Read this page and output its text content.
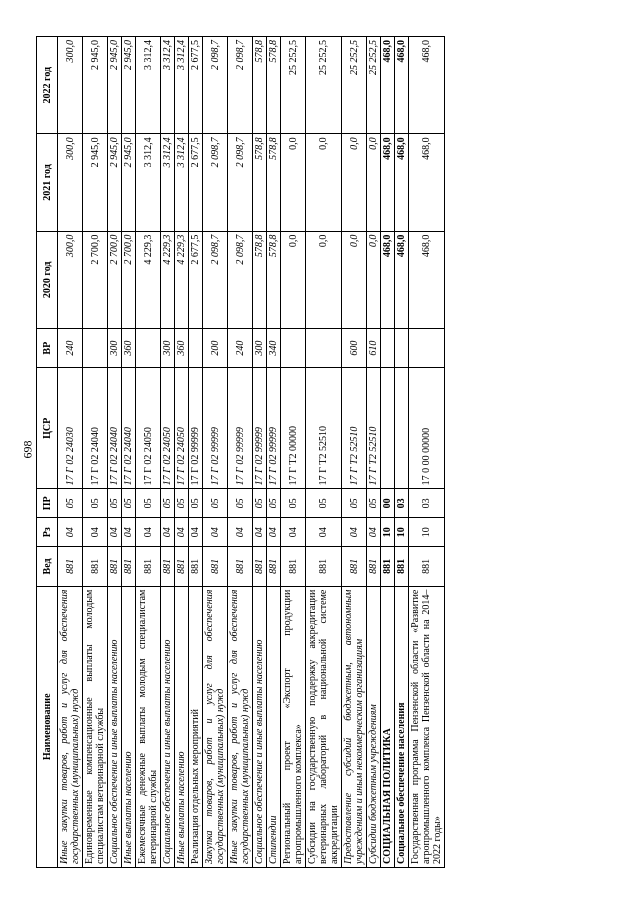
698
Наименование	Вед	Рз	ПР	ЦСР	ВР	2020 год	2021 год	2022 год
Иные закупки товаров, работ и услуг для обеспечения государственных (муниципальных) нужд	881	04	05	17 Г 02 24030	240	300,0	300,0	300,0
Единовременные компенсационные выплаты молодым специалистам ветеринарной службы	881	04	05	17 Г 02 24040		2 700,0	2 945,0	2 945,0
Социальное обеспечение и иные выплаты населению	881	04	05	17 Г 02 24040	300	2 700,0	2 945,0	2 945,0
Иные выплаты населению	881	04	05	17 Г 02 24040	360	2 700,0	2 945,0	2 945,0
Ежемесячные денежные выплаты молодым специалистам ветеринарной службы	881	04	05	17 Г 02 24050		4 229,3	3 312,4	3 312,4
Социальное обеспечение и иные выплаты населению	881	04	05	17 Г 02 24050	300	4 229,3	3 312,4	3 312,4
Иные выплаты населению	881	04	05	17 Г 02 24050	360	4 229,3	3 312,4	3 312,4
Реализация отдельных мероприятий	881	04	05	17 Г 02 99999		2 677,5	2 677,5	2 677,5
Закупка товаров, работ и услуг для обеспечения государственных (муниципальных) нужд	881	04	05	17 Г 02 99999	200	2 098,7	2 098,7	2 098,7
Иные закупки товаров, работ и услуг для обеспечения государственных (муниципальных) нужд	881	04	05	17 Г 02 99999	240	2 098,7	2 098,7	2 098,7
Социальное обеспечение и иные выплаты населению	881	04	05	17 Г 02 99999	300	578,8	578,8	578,8
Стипендии	881	04	05	17 Г 02 99999	340	578,8	578,8	578,8
Региональный проект «Экспорт продукции агропромышленного комплекса»	881	04	05	17 Г Т2 00000		0,0	0,0	25 252,5
Субсидии на государственную поддержку аккредитации ветеринарных лабораторий в национальной системе аккредитации	881	04	05	17 Г Т2 52510		0,0	0,0	25 252,5
Предоставление субсидий бюджетным, автономным учреждениям и иным некоммерческим организациям	881	04	05	17 Г Т2 52510	600	0,0	0,0	25 252,5
Субсидии бюджетным учреждениям	881	04	05	17 Г Т2 52510	610	0,0	0,0	25 252,5
СОЦИАЛЬНАЯ ПОЛИТИКА	881	10	00			468,0	468,0	468,0
Социальное обеспечение населения	881	10	03			468,0	468,0	468,0
Государственная программа Пензенской области «Развитие агропромышленного комплекса Пензенской области на 2014–2022 годы»	881	10	03	17 0 00 00000		468,0	468,0	468,0
